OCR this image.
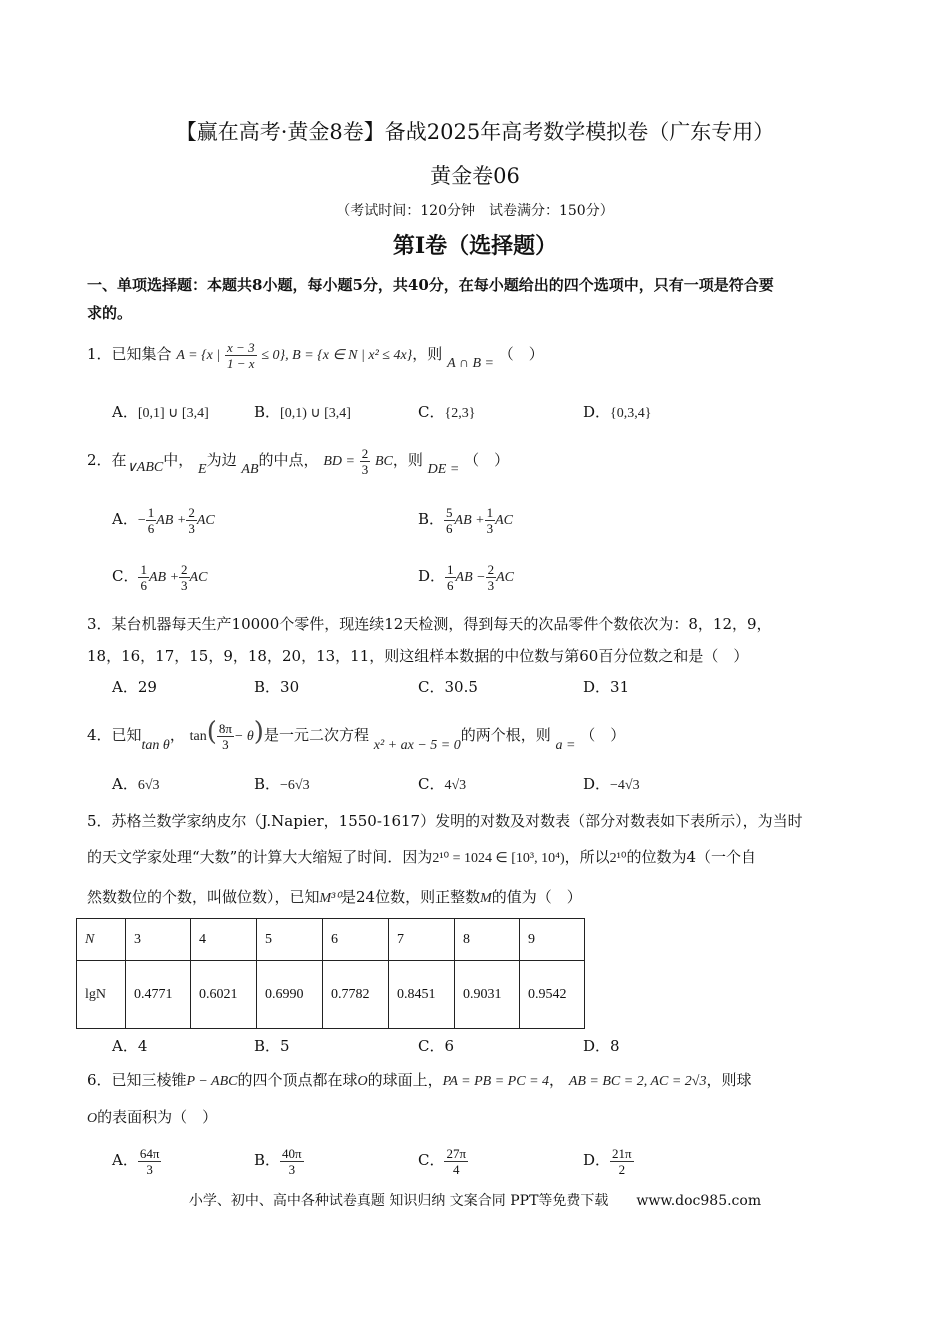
【赢在高考·黄金8卷】备战2025年高考数学模拟卷（广东专用）
黄金卷06
（考试时间：120分钟　试卷满分：150分）
第I卷（选择题）
一、单项选择题：本题共8小题，每小题5分，共40分，在每小题给出的四个选项中，只有一项是符合要
求的。
1．已知集合 A = {x | $\frac{x - 3}{1 - x} \le 0$}, B = {x ∈ N | x² ≤ 4x}，则 A ∩ B = （　）
A．[0,1] ∪ [3,4]	B．[0,1) ∪ [3,4]	C．{2,3}	D．{0,3,4}
2．在∨ABC中， E为边 AB的中点， BD = $\frac{2}{3}$ BC，则 DE = （　）
A．− $\frac{1}{6}$ AB + $\frac{2}{3}$ AC	B． $\frac{5}{6}$ AB + $\frac{1}{3}$ AC
C． $\frac{1}{6}$ AB + $\frac{2}{3}$ AC	D． $\frac{1}{6}$ AB − $\frac{2}{3}$ AC
3．某台机器每天生产10000个零件，现连续12天检测，得到每天的次品零件个数依次为：8，12，9，
18，16，17，15，9，18，20，13，11，则这组样本数据的中位数与第60百分位数之和是（　）
A．29	B．30	C．30.5	D．31
4．已知tan θ， $\tan( \frac{8\pi}{3} - \theta)$是一元二次方程 x² + ax − 5 = 0的两个根，则 a = （　）
A．6√3	B．−6√3	C．4√3	D．−4√3
5．苏格兰数学家纳皮尔（J.Napier，1550-1617）发明的对数及对数表（部分对数表如下表所示），为当时
的天文学家处理“大数”的计算大大缩短了时间．因为2¹⁰ = 1024 ∈ [10³, 10⁴)，所以2¹⁰的位数为4（一个自
然数数位的个数，叫做位数），已知M³⁰是24位数，则正整数M的值为（　）
N	3	4	5	6	7	8	9
lgN	0.4771	0.6021	0.6990	0.7782	0.8451	0.9031	0.9542
A．4	B．5	C．6	D．8
6．已知三棱锥P − ABC的四个顶点都在球O的球面上，PA = PB = PC = 4， AB = BC = 2, AC = 2√3，则球
O的表面积为（　）
A． $\frac{64\pi}{3}$	B． $\frac{40\pi}{3}$	C． $\frac{27\pi}{4}$	D． $\frac{21\pi}{2}$
小学、初中、高中各种试卷真题 知识归纳 文案合同 PPT等免费下载　　www.doc985.com
